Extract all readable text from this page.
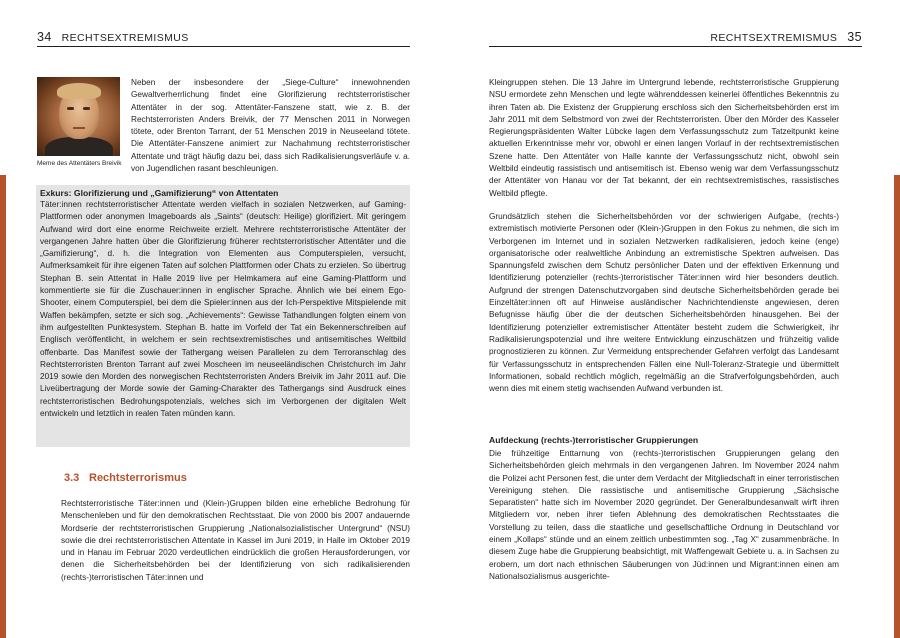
34 RECHTSEXTREMISMUS
Meme des Attentäters Breivik

Neben der insbesondere der „Siege-Culture“ innewohnenden Gewaltverherrlichung findet eine Glorifizierung rechtsterroristischer Attentäter in der sog. Attentäter-Fanszene statt, wie z. B. der Rechtsterroristen Anders Breivik, der 77 Menschen 2011 in Norwegen tötete, oder Brenton Tarrant, der 51 Menschen 2019 in Neuseeland tötete. Die Attentäter-Fanszene animiert zur Nachahmung rechtsterroristischer Attentate und trägt häufig dazu bei, dass sich Radikalisierungsverläufe v. a. von Jugendlichen rasant beschleunigen.

Exkurs: Glorifizierung und „Gamifizierung“ von Attentaten

Täter:innen rechtsterroristischer Attentate werden vielfach in sozialen Netzwerken, auf Gaming-Plattformen oder anonymen Imageboards als „Saints“ (deutsch: Heilige) glorifiziert. Mit geringem Aufwand wird dort eine enorme Reichweite erzielt. Mehrere rechtsterroristische Attentäter der vergangenen Jahre hatten über die Glorifizierung früherer rechtsterroristischer Attentäter und die „Gamifizierung“, d. h. die Integration von Elementen aus Computerspielen, versucht, Aufmerksamkeit für ihre eigenen Taten auf solchen Plattformen oder Chats zu erzielen. So übertrug Stephan B. sein Attentat in Halle 2019 live per Helmkamera auf eine Gaming-Plattform und kommentierte sie für die Zuschauer:innen in englischer Sprache. Ähnlich wie bei einem Ego-Shooter, einem Computerspiel, bei dem die Spieler:innen aus der Ich-Perspektive Mitspielende mit Waffen bekämpfen, setzte er sich sog. „Achievements“: Gewisse Tathandlungen folgten einem von ihm aufgestellten Punktesystem. Stephan B. hatte im Vorfeld der Tat ein Bekennerschreiben auf Englisch veröffentlicht, in welchem er sein rechtsextremistisches und antisemitisches Weltbild offenbarte. Das Manifest sowie der Tathergang weisen Parallelen zu dem Terroranschlag des Rechtsterroristen Brenton Tarrant auf zwei Moscheen im neuseeländischen Christchurch im Jahr 2019 sowie den Morden des norwegischen Rechtsterroristen Anders Breivik im Jahr 2011 auf. Die Liveübertragung der Morde sowie der Gaming-Charakter des Tathergangs sind Ausdruck eines rechtsterroristischen Bedrohungspotenzials, welches sich im Verborgenen der digitalen Welt entwickeln und letztlich in realen Taten münden kann.

3.3 Rechtsterrorismus

Rechtsterroristische Täter:innen und (Klein-)Gruppen bilden eine erhebliche Bedrohung für Menschenleben und für den demokratischen Rechtsstaat. Die von 2000 bis 2007 andauernde Mordserie der rechtsterroristischen Gruppierung „Nationalsozialistischer Untergrund“ (NSU) sowie die drei rechtsterroristischen Attentate in Kassel im Juni 2019, in Halle im Oktober 2019 und in Hanau im Februar 2020 verdeutlichen eindrücklich die großen Herausforderungen, vor denen die Sicherheitsbehörden bei der Identifizierung von sich radikalisierenden (rechts-)terroristischen Täter:innen und

RECHTSEXTREMISMUS 35

Kleingruppen stehen. Die 13 Jahre im Untergrund lebende, rechtsterroristische Gruppierung NSU ermordete zehn Menschen und legte währenddessen keinerlei öffentliches Bekenntnis zu ihren Taten ab. Die Existenz der Gruppierung erschloss sich den Sicherheitsbehörden erst im Jahr 2011 mit dem Selbstmord von zwei der Rechtsterroristen. Über den Mörder des Kasseler Regierungspräsidenten Walter Lübcke lagen dem Verfassungsschutz zum Tatzeitpunkt keine aktuellen Erkenntnisse mehr vor, obwohl er einen langen Vorlauf in der rechtsextremistischen Szene hatte. Den Attentäter von Halle kannte der Verfassungsschutz nicht, obwohl sein Weltbild eindeutig rassistisch und antisemitisch ist. Ebenso wenig war dem Verfassungsschutz der Attentäter von Hanau vor der Tat bekannt, der ein rechtsextremistisches, rassistisches Weltbild pflegte.

Grundsätzlich stehen die Sicherheitsbehörden vor der schwierigen Aufgabe, (rechts-) extremistisch motivierte Personen oder (Klein-)Gruppen in den Fokus zu nehmen, die sich im Verborgenen im Internet und in sozialen Netzwerken radikalisieren, jedoch keine (enge) organisatorische oder realweltliche Anbindung an extremistische Spektren aufweisen. Das Spannungsfeld zwischen dem Schutz persönlicher Daten und der effektiven Erkennung und Identifizierung potenzieller (rechts-)terroristischer Täter:innen wird hier besonders deutlich. Aufgrund der strengen Datenschutzvorgaben sind deutsche Sicherheitsbehörden gerade bei Einzeltäter:innen oft auf Hinweise ausländischer Nachrichtendienste angewiesen, deren Befugnisse häufig über die der deutschen Sicherheitsbehörden hinausgehen. Bei der Identifizierung potenzieller extremistischer Attentäter besteht zudem die Schwierigkeit, ihr Radikalisierungspotenzial und ihre weitere Entwicklung einzuschätzen und frühzeitig valide prognostizieren zu können. Zur Vermeidung entsprechender Gefahren verfolgt das Landesamt für Verfassungsschutz in entsprechenden Fällen eine Null-Toleranz-Strategie und übermittelt Informationen, sobald rechtlich möglich, regelmäßig an die Strafverfolgungsbehörden, auch wenn dies mit einem stetig wachsenden Aufwand verbunden ist.

Aufdeckung (rechts-)terroristischer Gruppierungen

Die frühzeitige Enttarnung von (rechts-)terroristischen Gruppierungen gelang den Sicherheitsbehörden gleich mehrmals in den vergangenen Jahren. Im November 2024 nahm die Polizei acht Personen fest, die unter dem Verdacht der Mitgliedschaft in einer terroristischen Vereinigung stehen. Die rassistische und antisemitische Gruppierung „Sächsische Separatisten“ hatte sich im November 2020 gegründet. Der Generalbundesanwalt wirft ihren Mitgliedern vor, neben ihrer tiefen Ablehnung des demokratischen Rechtsstaates die Vorstellung zu teilen, dass die staatliche und gesellschaftliche Ordnung in Deutschland vor einem „Kollaps“ stünde und an einem zeitlich unbestimmten sog. „Tag X“ zusammenbräche. In diesem Zuge habe die Gruppierung beabsichtigt, mit Waffengewalt Gebiete u. a. in Sachsen zu erobern, um dort nach ethnischen Säuberungen von Jüd:innen und Migrant:innen einen am Nationalsozialismus ausgerichte-
